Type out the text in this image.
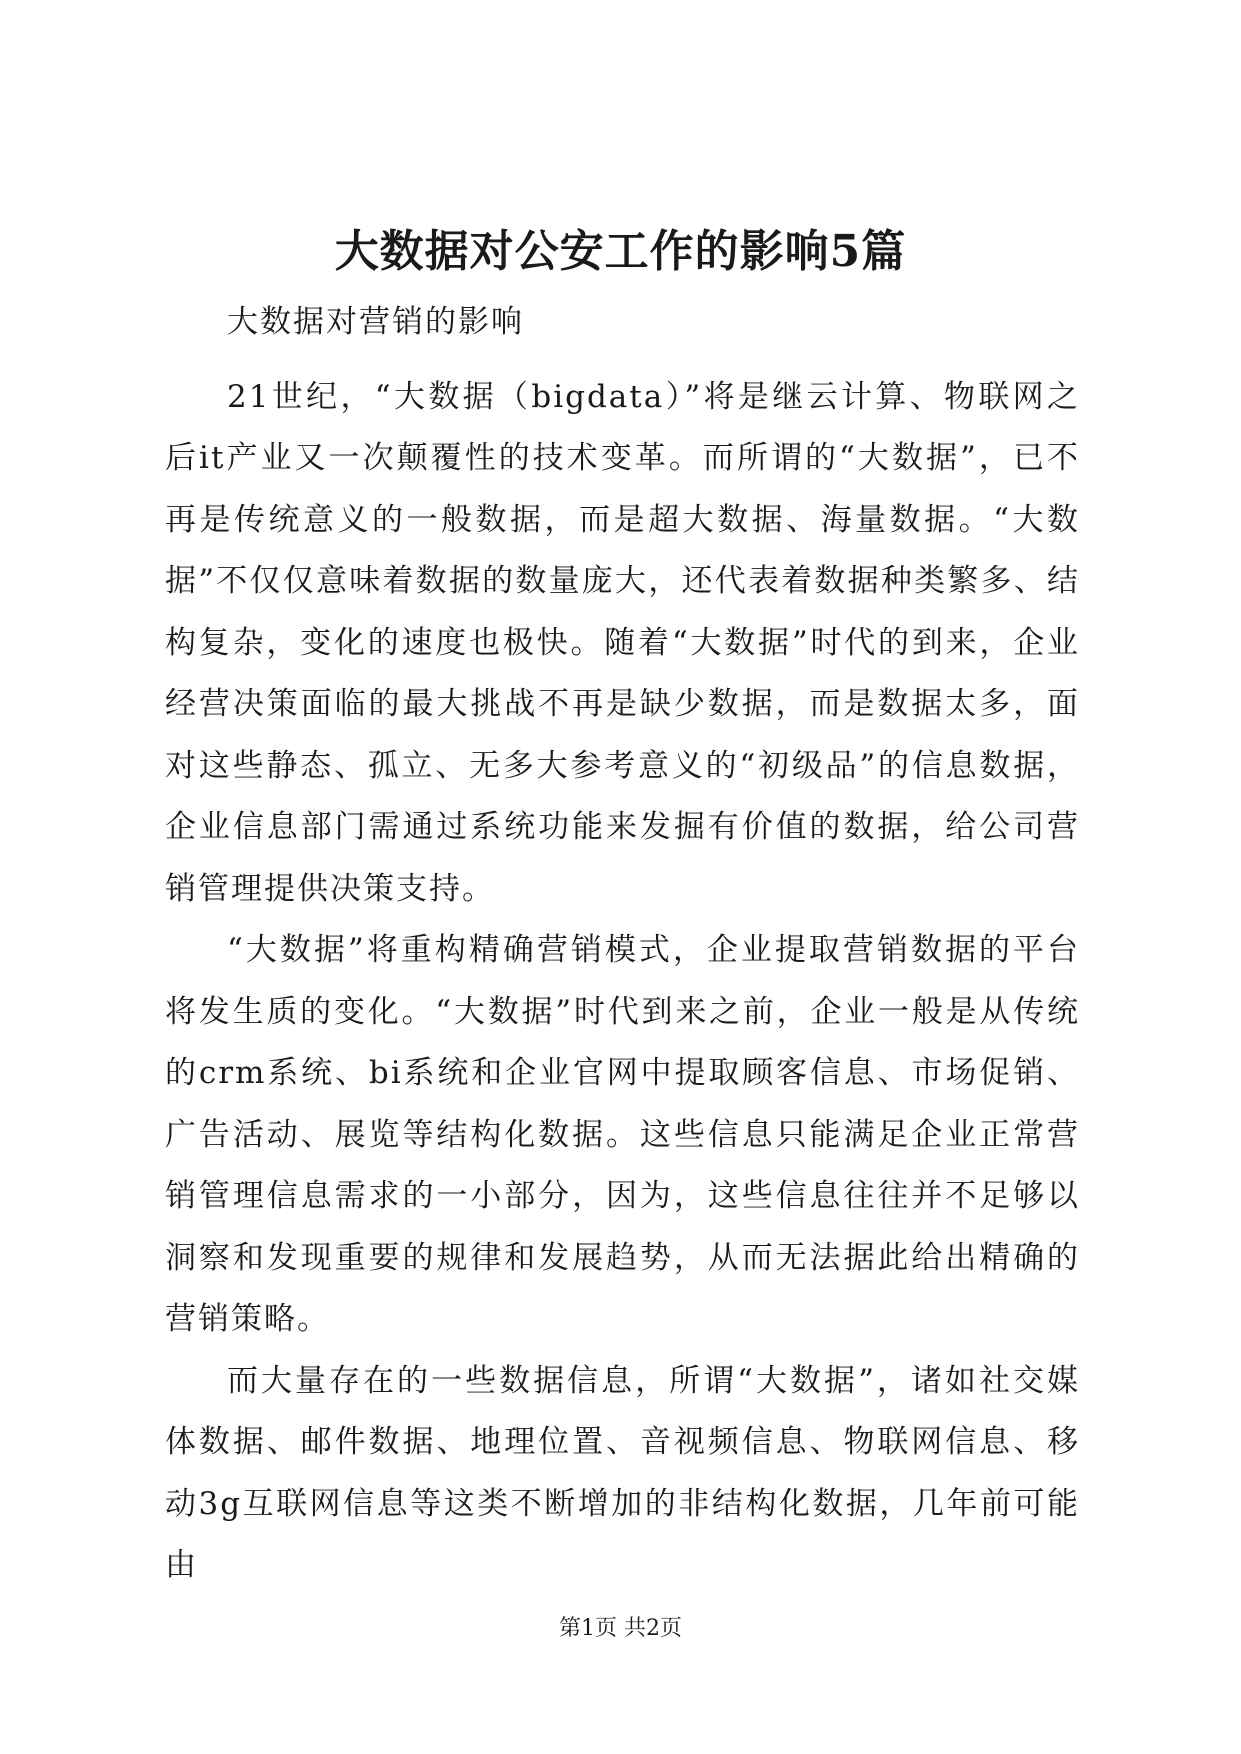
大数据对公安工作的影响5篇

大数据对营销的影响

21世纪，“大数据（bigdata）”将是继云计算、物联网之后it产业又一次颠覆性的技术变革。而所谓的“大数据”，已不再是传统意义的一般数据，而是超大数据、海量数据。“大数据”不仅仅意味着数据的数量庞大，还代表着数据种类繁多、结构复杂，变化的速度也极快。随着“大数据”时代的到来，企业经营决策面临的最大挑战不再是缺少数据，而是数据太多，面对这些静态、孤立、无多大参考意义的“初级品”的信息数据，企业信息部门需通过系统功能来发掘有价值的数据，给公司营销管理提供决策支持。

“大数据”将重构精确营销模式，企业提取营销数据的平台将发生质的变化。“大数据”时代到来之前，企业一般是从传统的crm系统、bi系统和企业官网中提取顾客信息、市场促销、广告活动、展览等结构化数据。这些信息只能满足企业正常营销管理信息需求的一小部分，因为，这些信息往往并不足够以洞察和发现重要的规律和发展趋势，从而无法据此给出精确的营销策略。

而大量存在的一些数据信息，所谓“大数据”，诸如社交媒体数据、邮件数据、地理位置、音视频信息、物联网信息、移动3g互联网信息等这类不断增加的非结构化数据，几年前可能由

第1页 共2页
